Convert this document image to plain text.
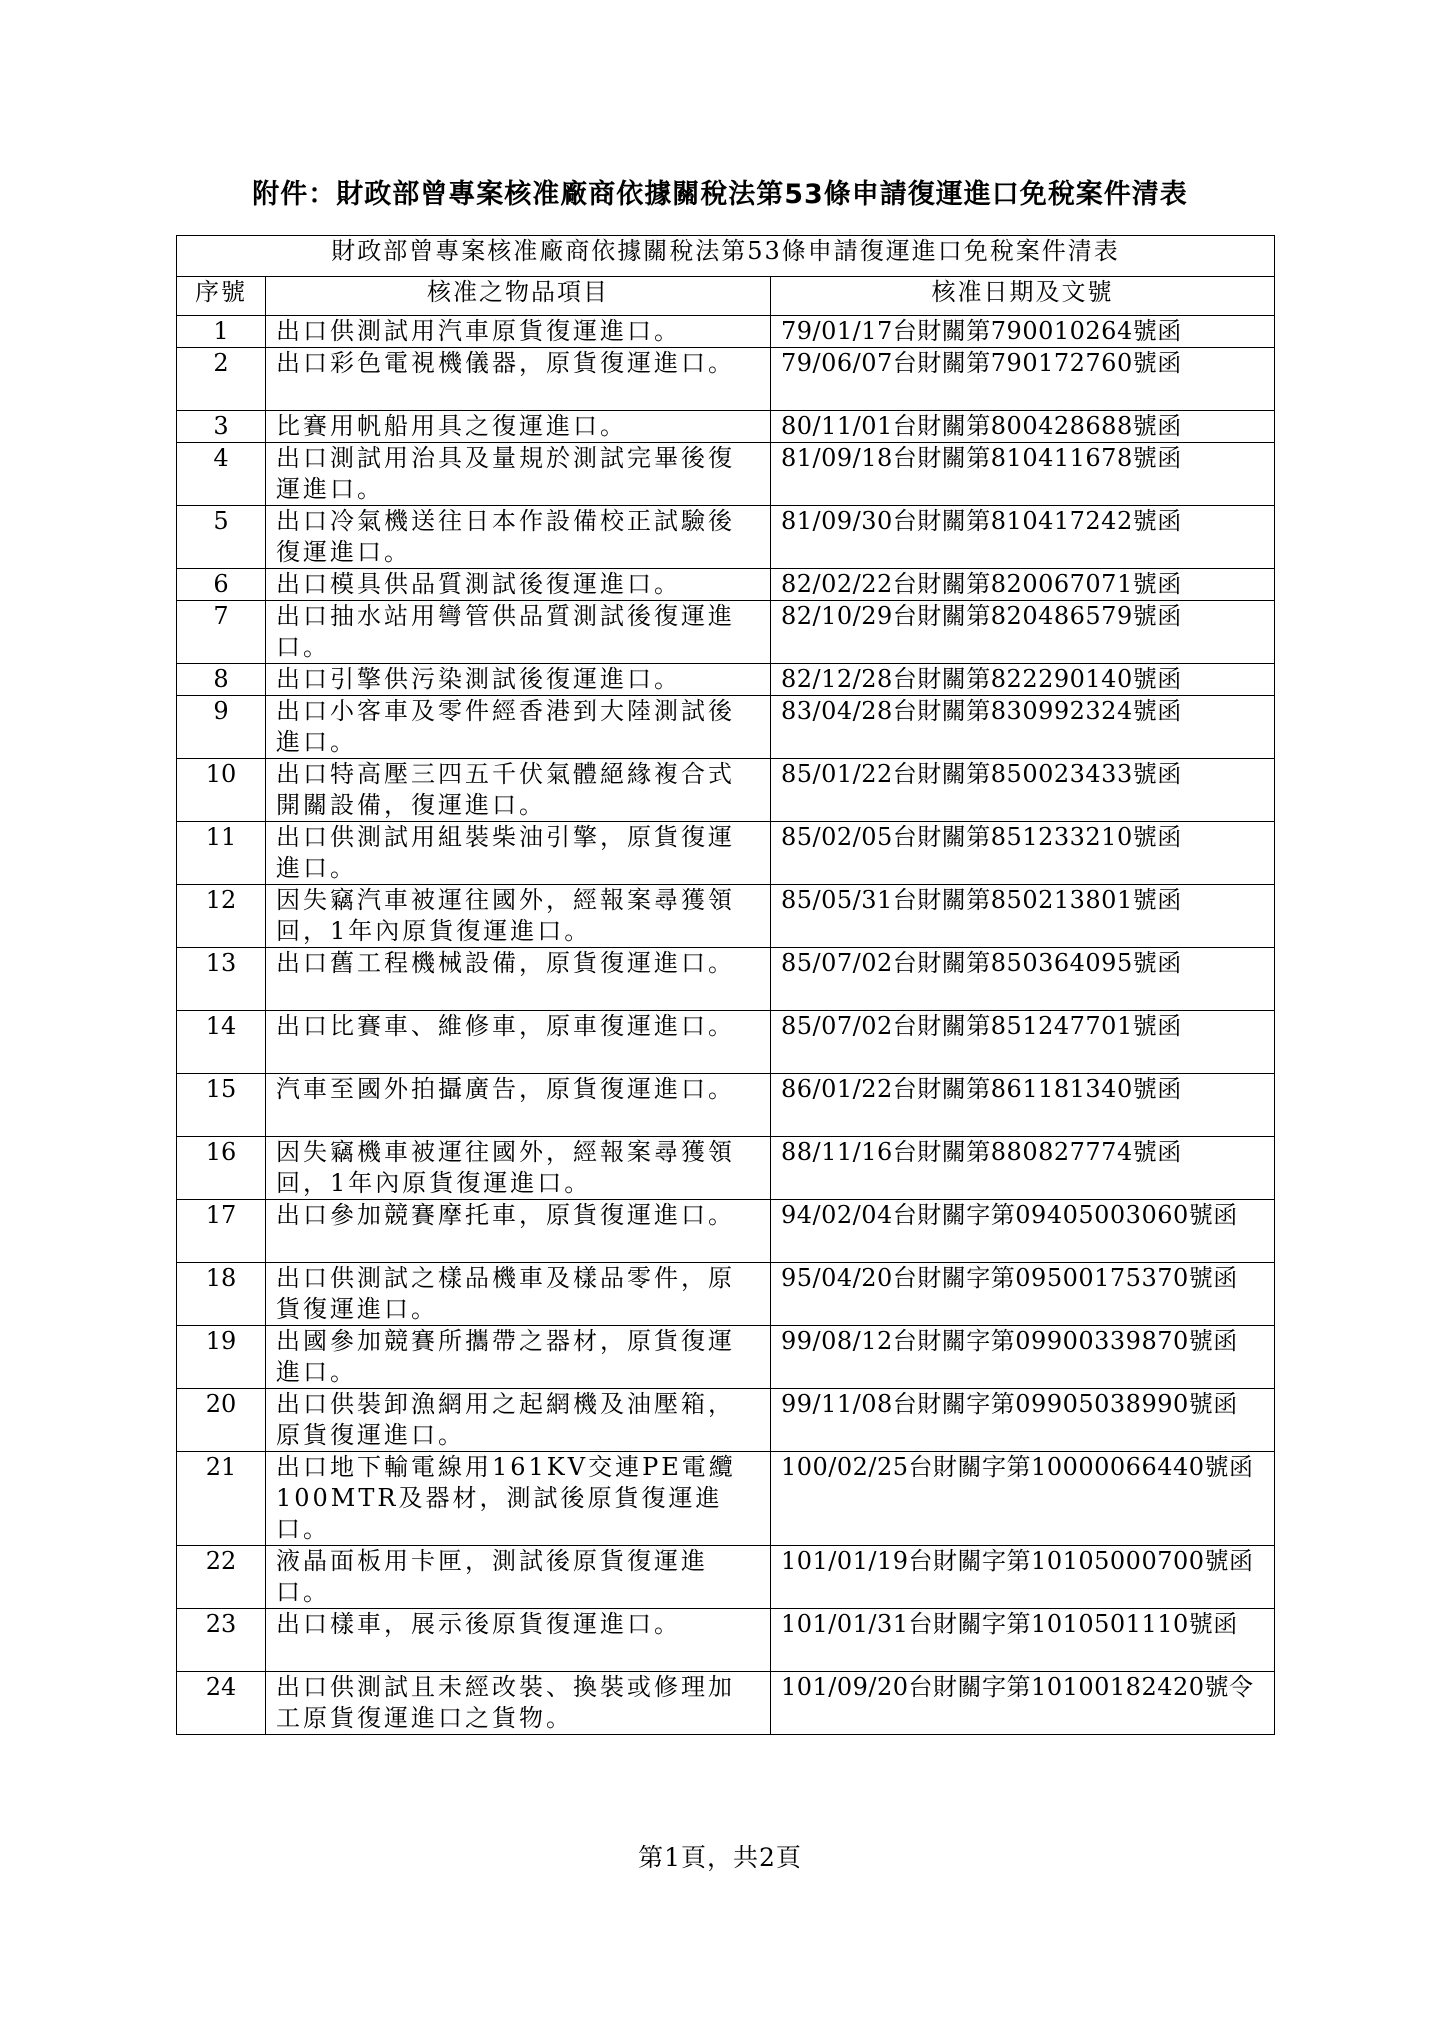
附件：財政部曾專案核准廠商依據關稅法第53條申請復運進口免稅案件清表
財政部曾專案核准廠商依據關稅法第53條申請復運進口免稅案件清表		
序號	核准之物品項目	核准日期及文號
1	出口供測試用汽車原貨復運進口。	79/01/17台財關第790010264號函
2	出口彩色電視機儀器，原貨復運進口。	79/06/07台財關第790172760號函
3	比賽用帆船用具之復運進口。	80/11/01台財關第800428688號函
4	出口測試用治具及量規於測試完畢後復運進口。	81/09/18台財關第810411678號函
5	出口冷氣機送往日本作設備校正試驗後復運進口。	81/09/30台財關第810417242號函
6	出口模具供品質測試後復運進口。	82/02/22台財關第820067071號函
7	出口抽水站用彎管供品質測試後復運進口。	82/10/29台財關第820486579號函
8	出口引擎供污染測試後復運進口。	82/12/28台財關第822290140號函
9	出口小客車及零件經香港到大陸測試後進口。	83/04/28台財關第830992324號函
10	出口特高壓三四五千伏氣體絕緣複合式開關設備，復運進口。	85/01/22台財關第850023433號函
11	出口供測試用組裝柴油引擎，原貨復運進口。	85/02/05台財關第851233210號函
12	因失竊汽車被運往國外，經報案尋獲領回，1年內原貨復運進口。	85/05/31台財關第850213801號函
13	出口舊工程機械設備，原貨復運進口。	85/07/02台財關第850364095號函
14	出口比賽車、維修車，原車復運進口。	85/07/02台財關第851247701號函
15	汽車至國外拍攝廣告，原貨復運進口。	86/01/22台財關第861181340號函
16	因失竊機車被運往國外，經報案尋獲領回，1年內原貨復運進口。	88/11/16台財關第880827774號函
17	出口參加競賽摩托車，原貨復運進口。	94/02/04台財關字第09405003060號函
18	出口供測試之樣品機車及樣品零件，原貨復運進口。	95/04/20台財關字第09500175370號函
19	出國參加競賽所攜帶之器材，原貨復運進口。	99/08/12台財關字第09900339870號函
20	出口供裝卸漁網用之起網機及油壓箱，原貨復運進口。	99/11/08台財關字第09905038990號函
21	出口地下輸電線用161KV交連PE電纜100MTR及器材，測試後原貨復運進口。	100/02/25台財關字第10000066440號函
22	液晶面板用卡匣，測試後原貨復運進口。	101/01/19台財關字第10105000700號函
23	出口樣車，展示後原貨復運進口。	101/01/31台財關字第1010501110號函
24	出口供測試且未經改裝、換裝或修理加工原貨復運進口之貨物。	101/09/20台財關字第10100182420號令
第1頁，共2頁
